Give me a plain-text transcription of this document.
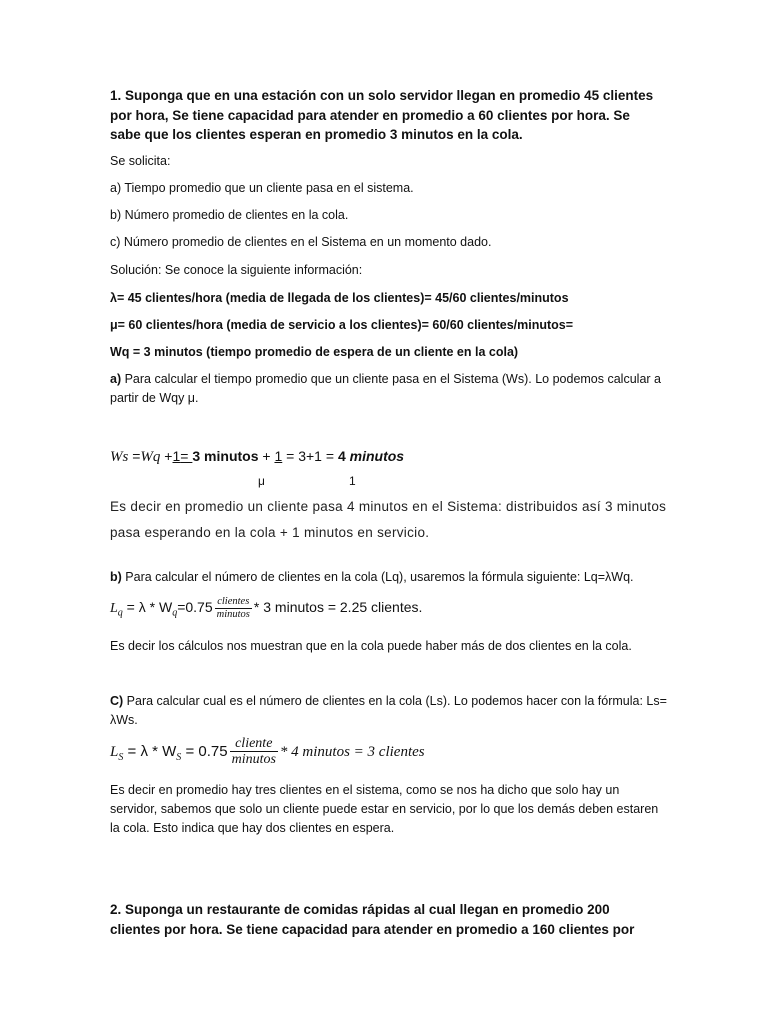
1. Suponga que en una estación con un solo servidor llegan en promedio 45 clientes por hora, Se tiene capacidad para atender en promedio a 60 clientes por hora. Se sabe que los clientes esperan en promedio 3 minutos en la cola.

Se solicita:

a) Tiempo promedio que un cliente pasa en el sistema.

b) Número promedio de clientes en la cola.

c) Número promedio de clientes en el Sistema en un momento dado.

Solución: Se conoce la siguiente información:

λ= 45 clientes/hora (media de llegada de los clientes)= 45/60 clientes/minutos

μ= 60 clientes/hora (media de servicio a los clientes)= 60/60 clientes/minutos=

Wq = 3 minutos (tiempo promedio de espera de un cliente en la cola)

a) Para calcular el tiempo promedio que un cliente pasa en el Sistema (Ws). Lo podemos calcular a partir de Wqy μ.

Ws =Wq +1= 3 minutos + 1 = 3+1 = 4 minutos
μ	1

Es decir en promedio un cliente pasa 4 minutos en el Sistema: distribuidos así 3 minutos pasa esperando en la cola + 1 minutos en servicio.

b) Para calcular el número de clientes en la cola (Lq), usaremos la fórmula siguiente: Lq=λWq.

$L_q = \lambda * W_q=0.75 \frac{\text{clientes}}{\text{minutos}} * 3$ minutos = 2.25 clientes.

Es decir los cálculos nos muestran que en la cola puede haber más de dos clientes en la cola.

C) Para calcular cual es el número de clientes en la cola (Ls). Lo podemos hacer con la fórmula: Ls= λWs.

$L_S = \lambda * W_S = 0.75 \frac{\text{cliente}}{\text{minutos}} * 4$ minutos = 3 clientes

Es decir en promedio hay tres clientes en el sistema, como se nos ha dicho que solo hay un servidor, sabemos que solo un cliente puede estar en servicio, por lo que los demás deben estaren la cola. Esto indica que hay dos clientes en espera.

2. Suponga un restaurante de comidas rápidas al cual llegan en promedio 200 clientes por hora. Se tiene capacidad para atender en promedio a 160 clientes por
